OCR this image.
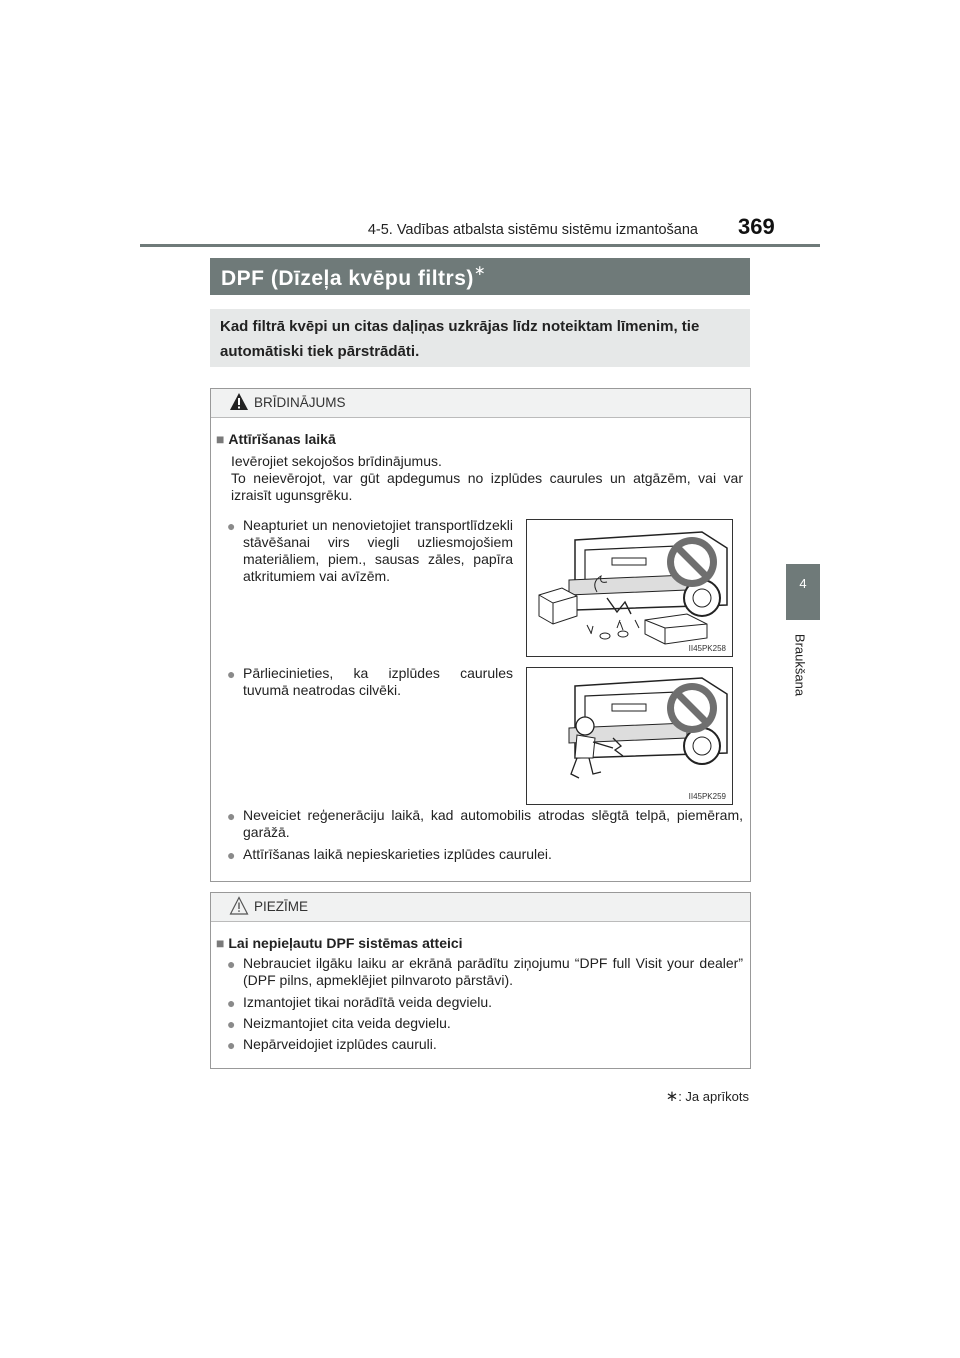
4-5. Vadības atbalsta sistēmu sistēmu izmantošana 369
4
Braukšana
DPF (Dīzeļa kvēpu filtrs)∗

Kad filtrā kvēpi un citas daļiņas uzkrājas līdz noteiktam līmenim, tie automātiski tiek pārstrādāti.

BRĪDINĀJUMS
■ Attīrīšanas laikā
Ievērojiet sekojošos brīdinājumus.
To neievērojot, var gūt apdegumus no izplūdes caurules un atgāzēm, vai var izraisīt ugunsgrēku.
● Neapturiet un nenovietojiet transportlīdzekli stāvēšanai virs viegli uzliesmojošiem materiāliem, piem., sausas zāles, papīra atkritumiem vai avīzēm.
II45PK258
● Pārliecinieties, ka izplūdes caurules tuvumā neatrodas cilvēki.
II45PK259
● Neveiciet reģenerāciju laikā, kad automobilis atrodas slēgtā telpā, piemēram, garāžā.
● Attīrīšanas laikā nepieskarieties izplūdes caurulei.
PIEZĪME
■ Lai nepieļautu DPF sistēmas atteici
● Nebrauciet ilgāku laiku ar ekrānā parādītu ziņojumu “DPF full Visit your dealer” (DPF pilns, apmeklējiet pilnvaroto pārstāvi).
● Izmantojiet tikai norādītā veida degvielu.
● Neizmantojiet cita veida degvielu.
● Nepārveidojiet izplūdes cauruli.
∗: Ja aprīkots
